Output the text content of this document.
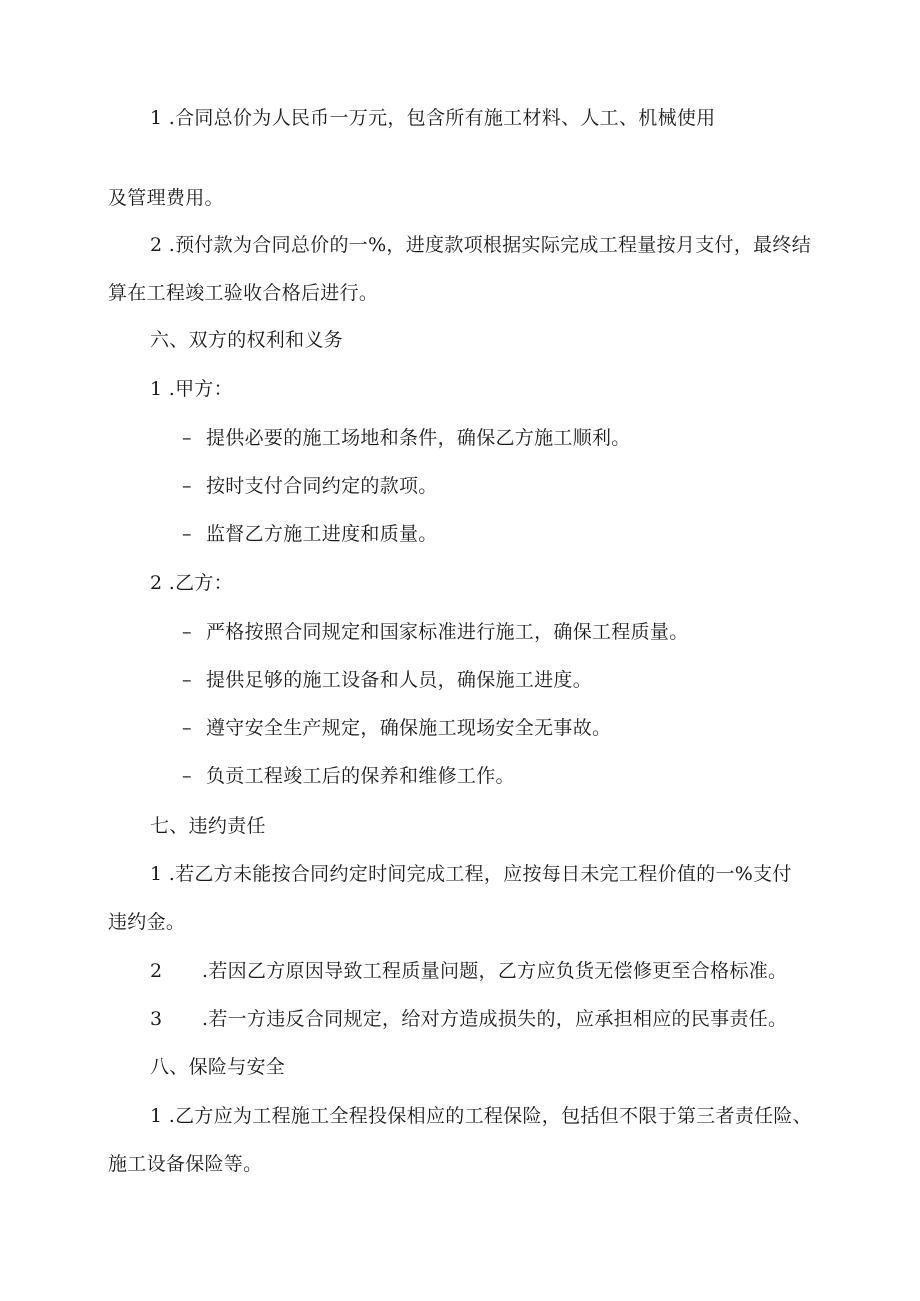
1 .合同总价为人民币一万元，包含所有施工材料、人工、机械使用
及管理费用。
2 .预付款为合同总价的一%，进度款项根据实际完成工程量按月支付，最终结
算在工程竣工验收合格后进行。
六、双方的权利和义务
1 .甲方：
– 提供必要的施工场地和条件，确保乙方施工顺利。
– 按时支付合同约定的款项。
– 监督乙方施工进度和质量。
2 .乙方：
– 严格按照合同规定和国家标准进行施工，确保工程质量。
– 提供足够的施工设备和人员，确保施工进度。
– 遵守安全生产规定，确保施工现场安全无事故。
– 负贡工程竣工后的保养和维修工作。
七、违约责任
1 .若乙方未能按合同约定时间完成工程，应按每日未完工程价值的一%支付
违约金。
2 .若因乙方原因导致工程质量问题，乙方应负货无偿修更至合格标准。
3 .若一方违反合同规定，给对方造成损失的，应承担相应的民事责任。
八、保险与安全
1 .乙方应为工程施工全程投保相应的工程保险，包括但不限于第三者责任险、
施工设备保险等。
